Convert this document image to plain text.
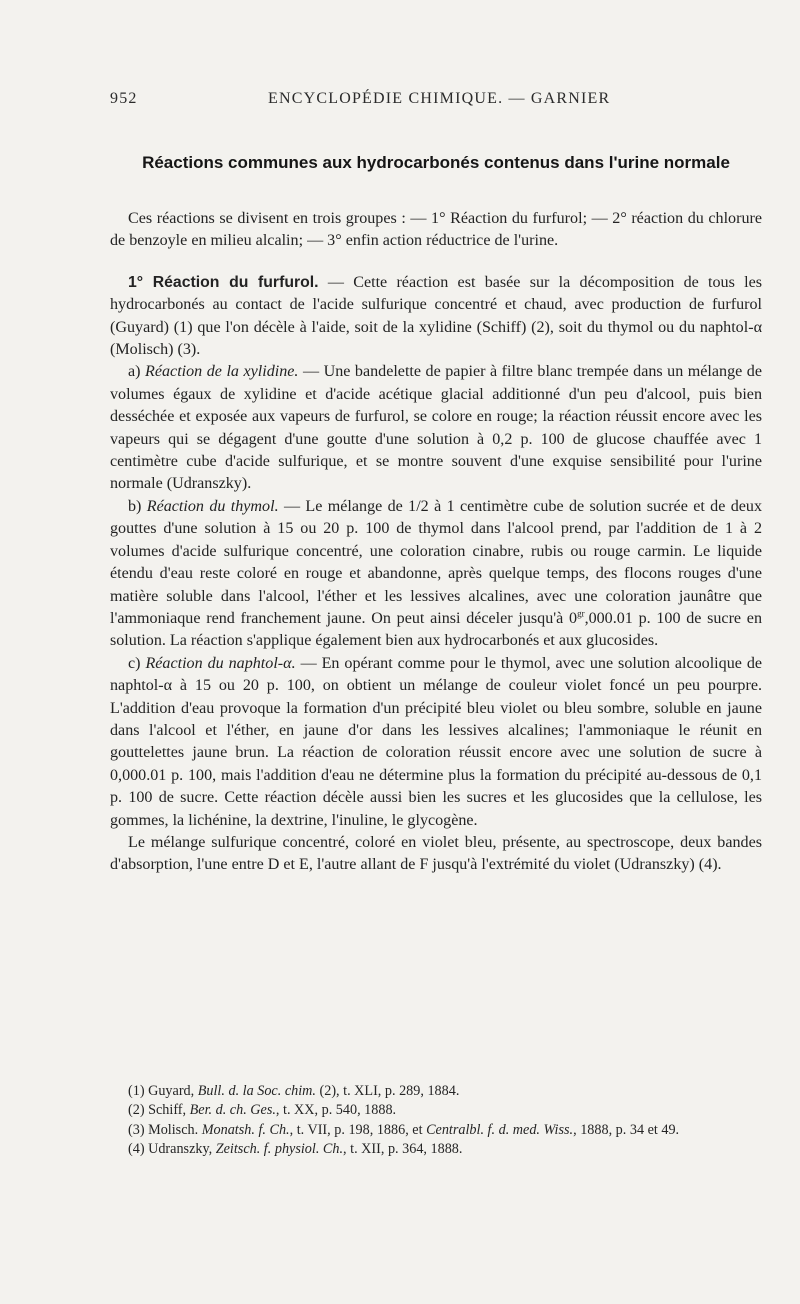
952	ENCYCLOPÉDIE CHIMIQUE. — GARNIER
Réactions communes aux hydrocarbonés contenus dans l'urine normale

Ces réactions se divisent en trois groupes : — 1° Réaction du furfurol; — 2° réaction du chlorure de benzoyle en milieu alcalin; — 3° enfin action réductrice de l'urine.

1° Réaction du furfurol. — Cette réaction est basée sur la décomposition de tous les hydrocarbonés au contact de l'acide sulfurique concentré et chaud, avec production de furfurol (Guyard) (1) que l'on décèle à l'aide, soit de la xylidine (Schiff) (2), soit du thymol ou du naphtol-α (Molisch) (3).

a) Réaction de la xylidine. — Une bandelette de papier à filtre blanc trempée dans un mélange de volumes égaux de xylidine et d'acide acétique glacial additionné d'un peu d'alcool, puis bien desséchée et exposée aux vapeurs de furfurol, se colore en rouge; la réaction réussit encore avec les vapeurs qui se dégagent d'une goutte d'une solution à 0,2 p. 100 de glucose chauffée avec 1 centimètre cube d'acide sulfurique, et se montre souvent d'une exquise sensibilité pour l'urine normale (Udranszky).

b) Réaction du thymol. — Le mélange de 1/2 à 1 centimètre cube de solution sucrée et de deux gouttes d'une solution à 15 ou 20 p. 100 de thymol dans l'alcool prend, par l'addition de 1 à 2 volumes d'acide sulfurique concentré, une coloration cinabre, rubis ou rouge carmin. Le liquide étendu d'eau reste coloré en rouge et abandonne, après quelque temps, des flocons rouges d'une matière soluble dans l'alcool, l'éther et les lessives alcalines, avec une coloration jaunâtre que l'ammoniaque rend franchement jaune. On peut ainsi déceler jusqu'à $0^{gr},000.01$ p. 100 de sucre en solution. La réaction s'applique également bien aux hydrocarbonés et aux glucosides.

c) Réaction du naphtol-α. — En opérant comme pour le thymol, avec une solution alcoolique de naphtol-α à 15 ou 20 p. 100, on obtient un mélange de couleur violet foncé un peu pourpre. L'addition d'eau provoque la formation d'un précipité bleu violet ou bleu sombre, soluble en jaune dans l'alcool et l'éther, en jaune d'or dans les lessives alcalines; l'ammoniaque le réunit en gouttelettes jaune brun. La réaction de coloration réussit encore avec une solution de sucre à 0,000.01 p. 100, mais l'addition d'eau ne détermine plus la formation du précipité au-dessous de 0,1 p. 100 de sucre. Cette réaction décèle aussi bien les sucres et les glucosides que la cellulose, les gommes, la lichénine, la dextrine, l'inuline, le glycogène.

Le mélange sulfurique concentré, coloré en violet bleu, présente, au spectroscope, deux bandes d'absorption, l'une entre D et E, l'autre allant de F jusqu'à l'extrémité du violet (Udranszky) (4).

(1) Guyard, Bull. d. la Soc. chim. (2), t. XLI, p. 289, 1884.

(2) Schiff, Ber. d. ch. Ges., t. XX, p. 540, 1888.

(3) Molisch. Monatsh. f. Ch., t. VII, p. 198, 1886, et Centralbl. f. d. med. Wiss., 1888, p. 34 et 49.

(4) Udranszky, Zeitsch. f. physiol. Ch., t. XII, p. 364, 1888.
